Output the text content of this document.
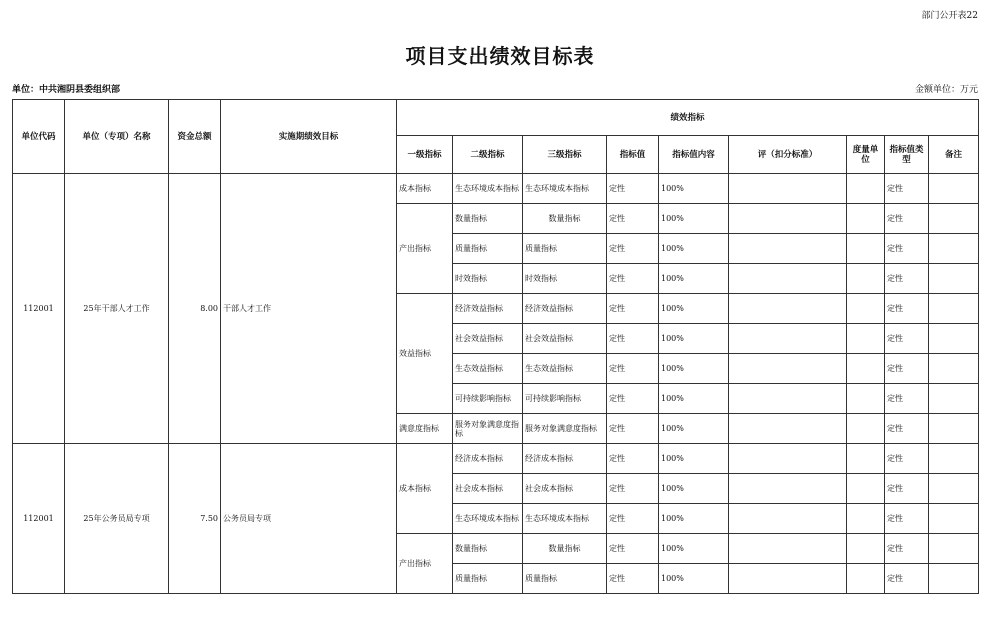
部门公开表22
项目支出绩效目标表
单位：中共湘阴县委组织部	金额单位：万元
单位代码	单位（专项）名称	资金总额	实施期绩效目标	绩效指标								
				一级指标	二级指标	三级指标	指标值	指标值内容	评（扣分标准）	度量单位	指标值类型	备注
112001	25年干部人才工作	8.00	干部人才工作	成本指标	生态环境成本指标	生态环境成本指标	定性	100%			定性	
				产出指标	数量指标	数量指标	定性	100%			定性	
					质量指标	质量指标	定性	100%			定性	
					时效指标	时效指标	定性	100%			定性	
				效益指标	经济效益指标	经济效益指标	定性	100%			定性	
					社会效益指标	社会效益指标	定性	100%			定性	
					生态效益指标	生态效益指标	定性	100%			定性	
					可持续影响指标	可持续影响指标	定性	100%			定性	
				满意度指标	服务对象满意度指标	服务对象满意度指标	定性	100%			定性	
112001	25年公务员局专项	7.50	公务员局专项	成本指标	经济成本指标	经济成本指标	定性	100%			定性	
					社会成本指标	社会成本指标	定性	100%			定性	
					生态环境成本指标	生态环境成本指标	定性	100%			定性	
				产出指标	数量指标	数量指标	定性	100%			定性	
					质量指标	质量指标	定性	100%			定性	
